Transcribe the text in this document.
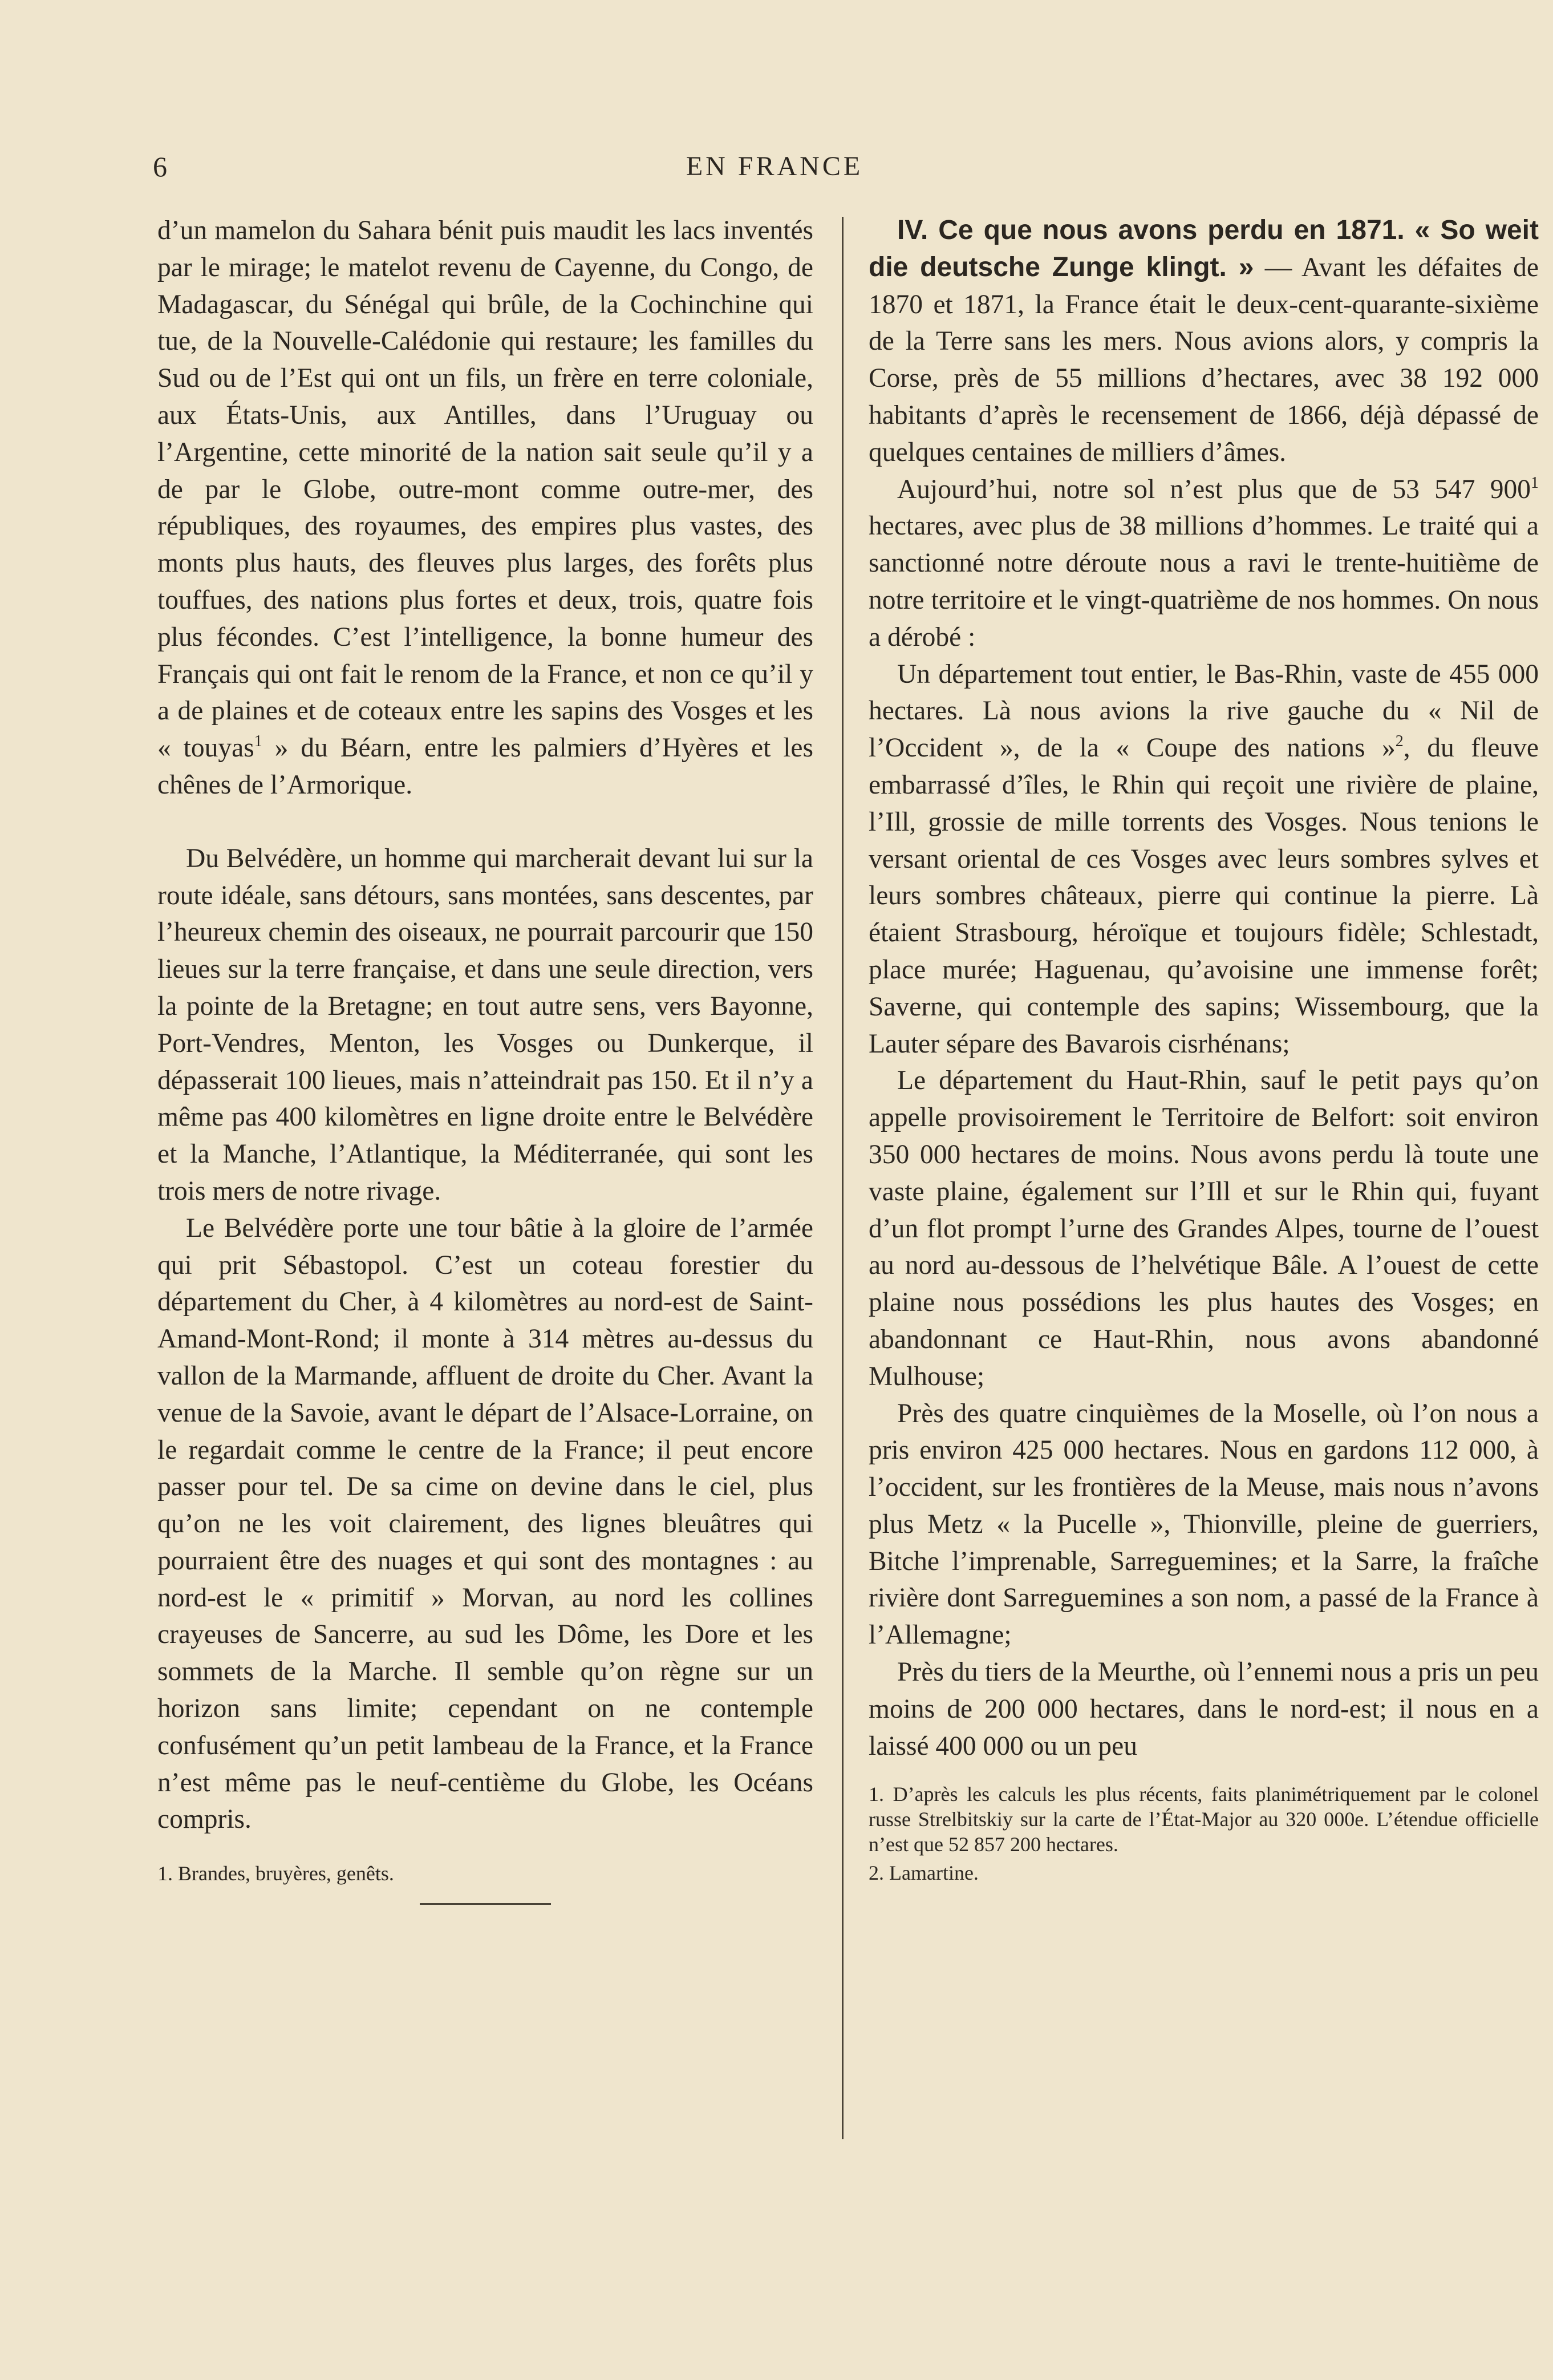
6	EN FRANCE

d’un mamelon du Sahara bénit puis maudit les lacs inventés par le mirage; le matelot revenu de Cayenne, du Congo, de Madagascar, du Sénégal qui brûle, de la Cochinchine qui tue, de la Nouvelle-Calédonie qui restaure; les familles du Sud ou de l’Est qui ont un fils, un frère en terre coloniale, aux États-Unis, aux Antilles, dans l’Uruguay ou l’Argentine, cette minorité de la nation sait seule qu’il y a de par le Globe, outre-mont comme outre-mer, des républiques, des royaumes, des empires plus vastes, des monts plus hauts, des fleuves plus larges, des forêts plus touffues, des nations plus fortes et deux, trois, quatre fois plus fécondes. C’est l’intelligence, la bonne humeur des Français qui ont fait le renom de la France, et non ce qu’il y a de plaines et de coteaux entre les sapins des Vosges et les « touyas$^1$ » du Béarn, entre les palmiers d’Hyères et les chênes de l’Armorique.

Du Belvédère, un homme qui marcherait devant lui sur la route idéale, sans détours, sans montées, sans descentes, par l’heureux chemin des oiseaux, ne pourrait parcourir que 150 lieues sur la terre française, et dans une seule direction, vers la pointe de la Bretagne; en tout autre sens, vers Bayonne, Port-Vendres, Menton, les Vosges ou Dunkerque, il dépasserait 100 lieues, mais n’atteindrait pas 150. Et il n’y a même pas 400 kilomètres en ligne droite entre le Belvédère et la Manche, l’Atlantique, la Méditerranée, qui sont les trois mers de notre rivage.

Le Belvédère porte une tour bâtie à la gloire de l’armée qui prit Sébastopol. C’est un coteau forestier du département du Cher, à 4 kilomètres au nord-est de Saint-Amand-Mont-Rond; il monte à 314 mètres au-dessus du vallon de la Marmande, affluent de droite du Cher. Avant la venue de la Savoie, avant le départ de l’Alsace-Lorraine, on le regardait comme le centre de la France; il peut encore passer pour tel. De sa cime on devine dans le ciel, plus qu’on ne les voit clairement, des lignes bleuâtres qui pourraient être des nuages et qui sont des montagnes : au nord-est le « primitif » Morvan, au nord les collines crayeuses de Sancerre, au sud les Dôme, les Dore et les sommets de la Marche. Il semble qu’on règne sur un horizon sans limite; cependant on ne contemple confusément qu’un petit lambeau de la France, et la France n’est même pas le neuf-centième du Globe, les Océans compris.

1. Brandes, bruyères, genêts.

IV. Ce que nous avons perdu en 1871. « So weit die deutsche Zunge klingt. » — Avant les défaites de 1870 et 1871, la France était le deux-cent-quarante-sixième de la Terre sans les mers. Nous avions alors, y compris la Corse, près de 55 millions d’hectares, avec 38 192 000 habitants d’après le recensement de 1866, déjà dépassé de quelques centaines de milliers d’âmes.

Aujourd’hui, notre sol n’est plus que de 53 547 $900^1$ hectares, avec plus de 38 millions d’hommes. Le traité qui a sanctionné notre déroute nous a ravi le trente-huitième de notre territoire et le vingt-quatrième de nos hommes. On nous a dérobé :

Un département tout entier, le Bas-Rhin, vaste de 455 000 hectares. Là nous avions la rive gauche du « Nil de l’Occident », de la « Coupe des nations »$^2$, du fleuve embarrassé d’îles, le Rhin qui reçoit une rivière de plaine, l’Ill, grossie de mille torrents des Vosges. Nous tenions le versant oriental de ces Vosges avec leurs sombres sylves et leurs sombres châteaux, pierre qui continue la pierre. Là étaient Strasbourg, héroïque et toujours fidèle; Schlestadt, place murée; Haguenau, qu’avoisine une immense forêt; Saverne, qui contemple des sapins; Wissembourg, que la Lauter sépare des Bavarois cisrhénans;

Le département du Haut-Rhin, sauf le petit pays qu’on appelle provisoirement le Territoire de Belfort: soit environ 350 000 hectares de moins. Nous avons perdu là toute une vaste plaine, également sur l’Ill et sur le Rhin qui, fuyant d’un flot prompt l’urne des Grandes Alpes, tourne de l’ouest au nord au-dessous de l’helvétique Bâle. A l’ouest de cette plaine nous possédions les plus hautes des Vosges; en abandonnant ce Haut-Rhin, nous avons abandonné Mulhouse;

Près des quatre cinquièmes de la Moselle, où l’on nous a pris environ 425 000 hectares. Nous en gardons 112 000, à l’occident, sur les frontières de la Meuse, mais nous n’avons plus Metz « la Pucelle », Thionville, pleine de guerriers, Bitche l’imprenable, Sarreguemines; et la Sarre, la fraîche rivière dont Sarreguemines a son nom, a passé de la France à l’Allemagne;

Près du tiers de la Meurthe, où l’ennemi nous a pris un peu moins de 200 000 hectares, dans le nord-est; il nous en a laissé 400 000 ou un peu

1. D’après les calculs les plus récents, faits planimétriquement par le colonel russe Strelbitskiy sur la carte de l’État-Major au 320 000e. L’étendue officielle n’est que 52 857 200 hectares.

2. Lamartine.
